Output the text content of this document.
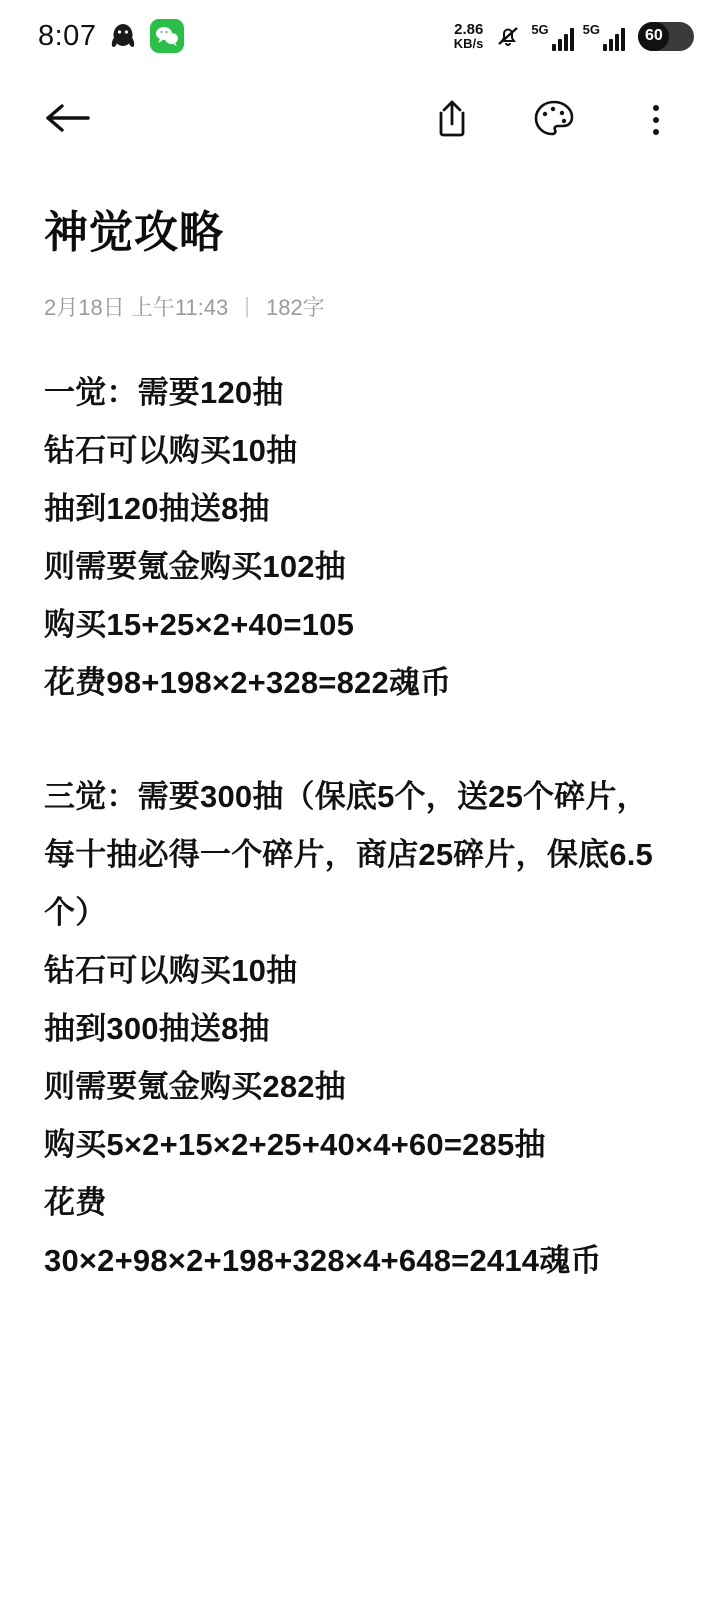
8:07	2.86
KB/s
5G	5G	60
神觉攻略
2月18日 上午11:43 | 182字
一觉：需要120抽
钻石可以购买10抽
抽到120抽送8抽
则需要氪金购买102抽
购买15+25×2+40=105
花费98+198×2+328=822魂币
三觉：需要300抽（保底5个，送25个碎片，每十抽必得一个碎片，商店25碎片，保底6.5个）
钻石可以购买10抽
抽到300抽送8抽
则需要氪金购买282抽
购买5×2+15×2+25+40×4+60=285抽
花费
30×2+98×2+198+328×4+648=2414魂币
